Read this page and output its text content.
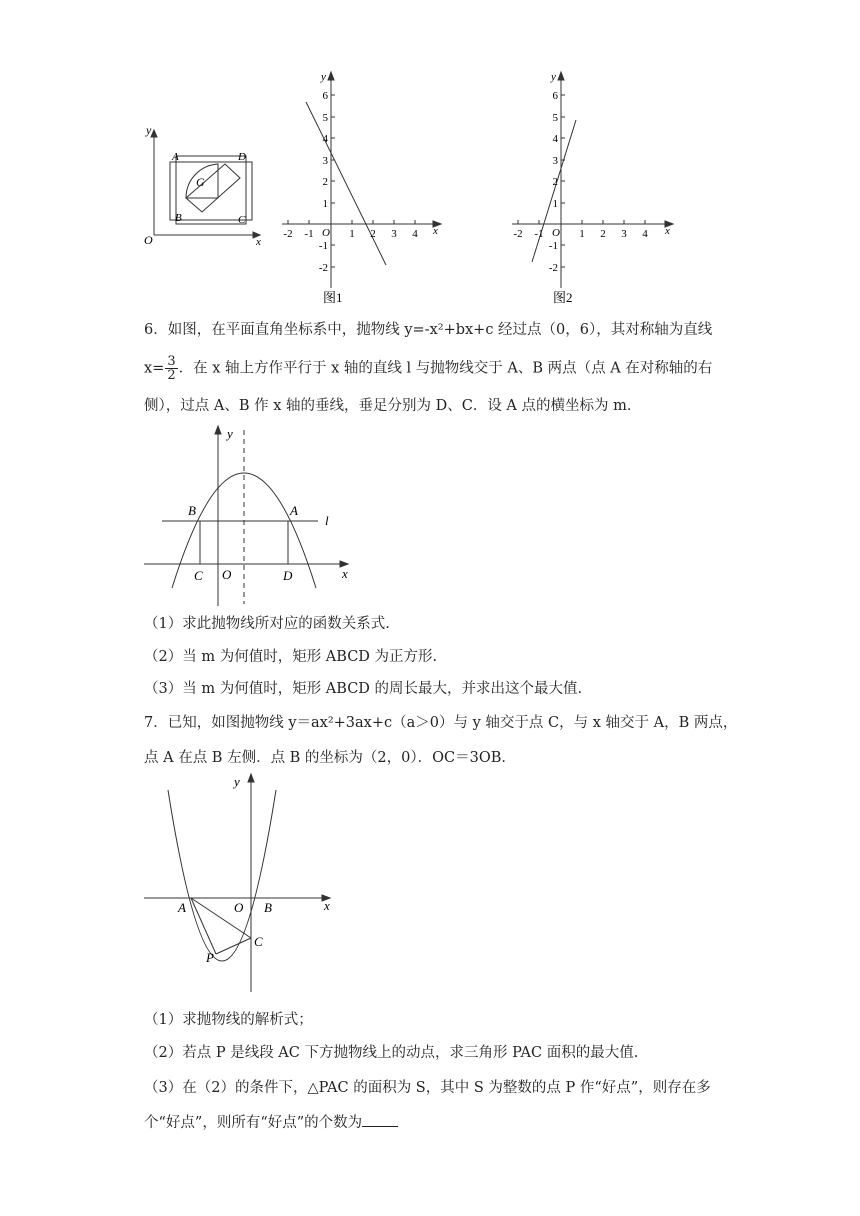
y
x
O
A	D
G
B	C
y
x
O
-2 -1	1 2 3 4
6
5
4
3
2
1
-1
-2
图1
y
x
O
-2 -1	1 2 3 4
6
5
4
3
2
1
-1
-2
图2
6．如图，在平面直角坐标系中，抛物线 y=-x²+bx+c 经过点（0，6），其对称轴为直线
$x= \frac{3}{2}$ ．在 x 轴上方作平行于 x 轴的直线 l 与抛物线交于 A、B 两点（点 A 在对称轴的右
侧），过点 A、B 作 x 轴的垂线，垂足分别为 D、C．设 A 点的横坐标为 m．
y
x
l
A
B
C O	D
（1）求此抛物线所对应的函数关系式.
（2）当 m 为何值时，矩形 ABCD 为正方形.
（3）当 m 为何值时，矩形 ABCD 的周长最大，并求出这个最大值.
7．已知，如图抛物线 y＝ax²+3ax+c（a＞0）与 y 轴交于点 C，与 x 轴交于 A，B 两点，
点 A 在点 B 左侧．点 B 的坐标为（2，0）．OC＝3OB．
y
x
A	O B
C
P
（1）求抛物线的解析式；
（2）若点 P 是线段 AC 下方抛物线上的动点，求三角形 PAC 面积的最大值.
（3）在（2）的条件下，△PAC 的面积为 S，其中 S 为整数的点 P 作“好点”，则存在多
个“好点”，则所有“好点”的个数为
